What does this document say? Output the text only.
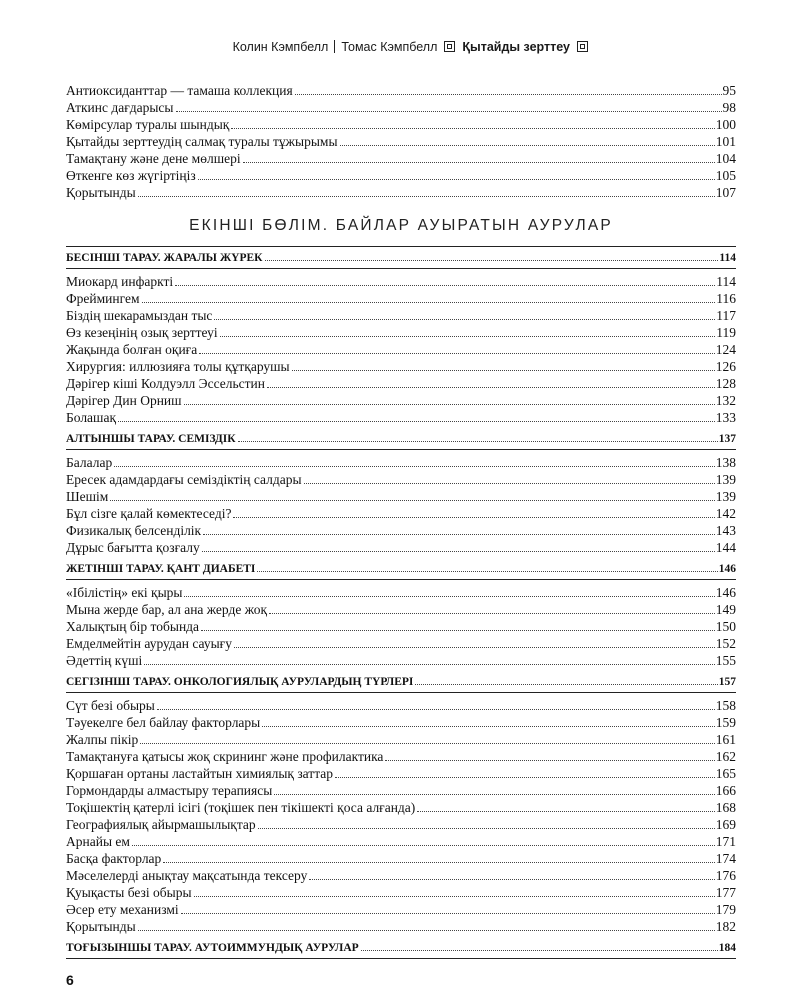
Колин Кэмпбелл Томас Кэмпбелл Қытайды зерттеу
Антиоксиданттар — тамаша коллекция	95
Аткинс дағдарысы	98
Көмірсулар туралы шындық	100
Қытайды зерттеудің салмақ туралы тұжырымы	101
Тамақтану және дене мөлшері	104
Өткенге көз жүгіртіңіз	105
Қорытынды	107
ЕКІНШІ БӨЛІМ. БАЙЛАР АУЫРАТЫН АУРУЛАР
БЕСІНШІ ТАРАУ. ЖАРАЛЫ ЖҮРЕК	114
Миокард инфаркті	114
Фреймингем	116
Біздің шекарамыздан тыс	117
Өз кезеңінің озық зерттеуі	119
Жақында болған оқиға	124
Хирургия: иллюзияға толы құтқарушы	126
Дәрігер кіші Колдуэлл Эссельстин	128
Дәрігер Дин Орниш	132
Болашақ	133
АЛТЫНШЫ ТАРАУ. СЕМІЗДІК	137
Балалар	138
Ересек адамдардағы семіздіктің салдары	139
Шешім	139
Бұл сізге қалай көмектеседі?	142
Физикалық белсенділік	143
Дұрыс бағытта қозғалу	144
ЖЕТІНШІ ТАРАУ. ҚАНТ ДИАБЕТІ	146
«Ібілістің» екі қыры	146
Мына жерде бар, ал ана жерде жоқ	149
Халықтың бір тобында	150
Емделмейтін аурудан сауығу	152
Әдеттің күші	155
СЕГІЗІНШІ ТАРАУ. ОНКОЛОГИЯЛЫҚ АУРУЛАРДЫҢ ТҮРЛЕРІ	157
Сүт безі обыры	158
Тәуекелге бел байлау факторлары	159
Жалпы пікір	161
Тамақтануға қатысы жоқ скрининг және профилактика	162
Қоршаған ортаны ластайтын химиялық заттар	165
Гормондарды алмастыру терапиясы	166
Тоқішектің қатерлі ісігі (тоқішек пен тікішекті қоса алғанда)	168
Географиялық айырмашылықтар	169
Арнайы ем	171
Басқа факторлар	174
Мәселелерді анықтау мақсатында тексеру	176
Қуықасты безі обыры	177
Әсер ету механизмі	179
Қорытынды	182
ТОҒЫЗЫНШЫ ТАРАУ. АУТОИММУНДЫҚ АУРУЛАР	184
6
